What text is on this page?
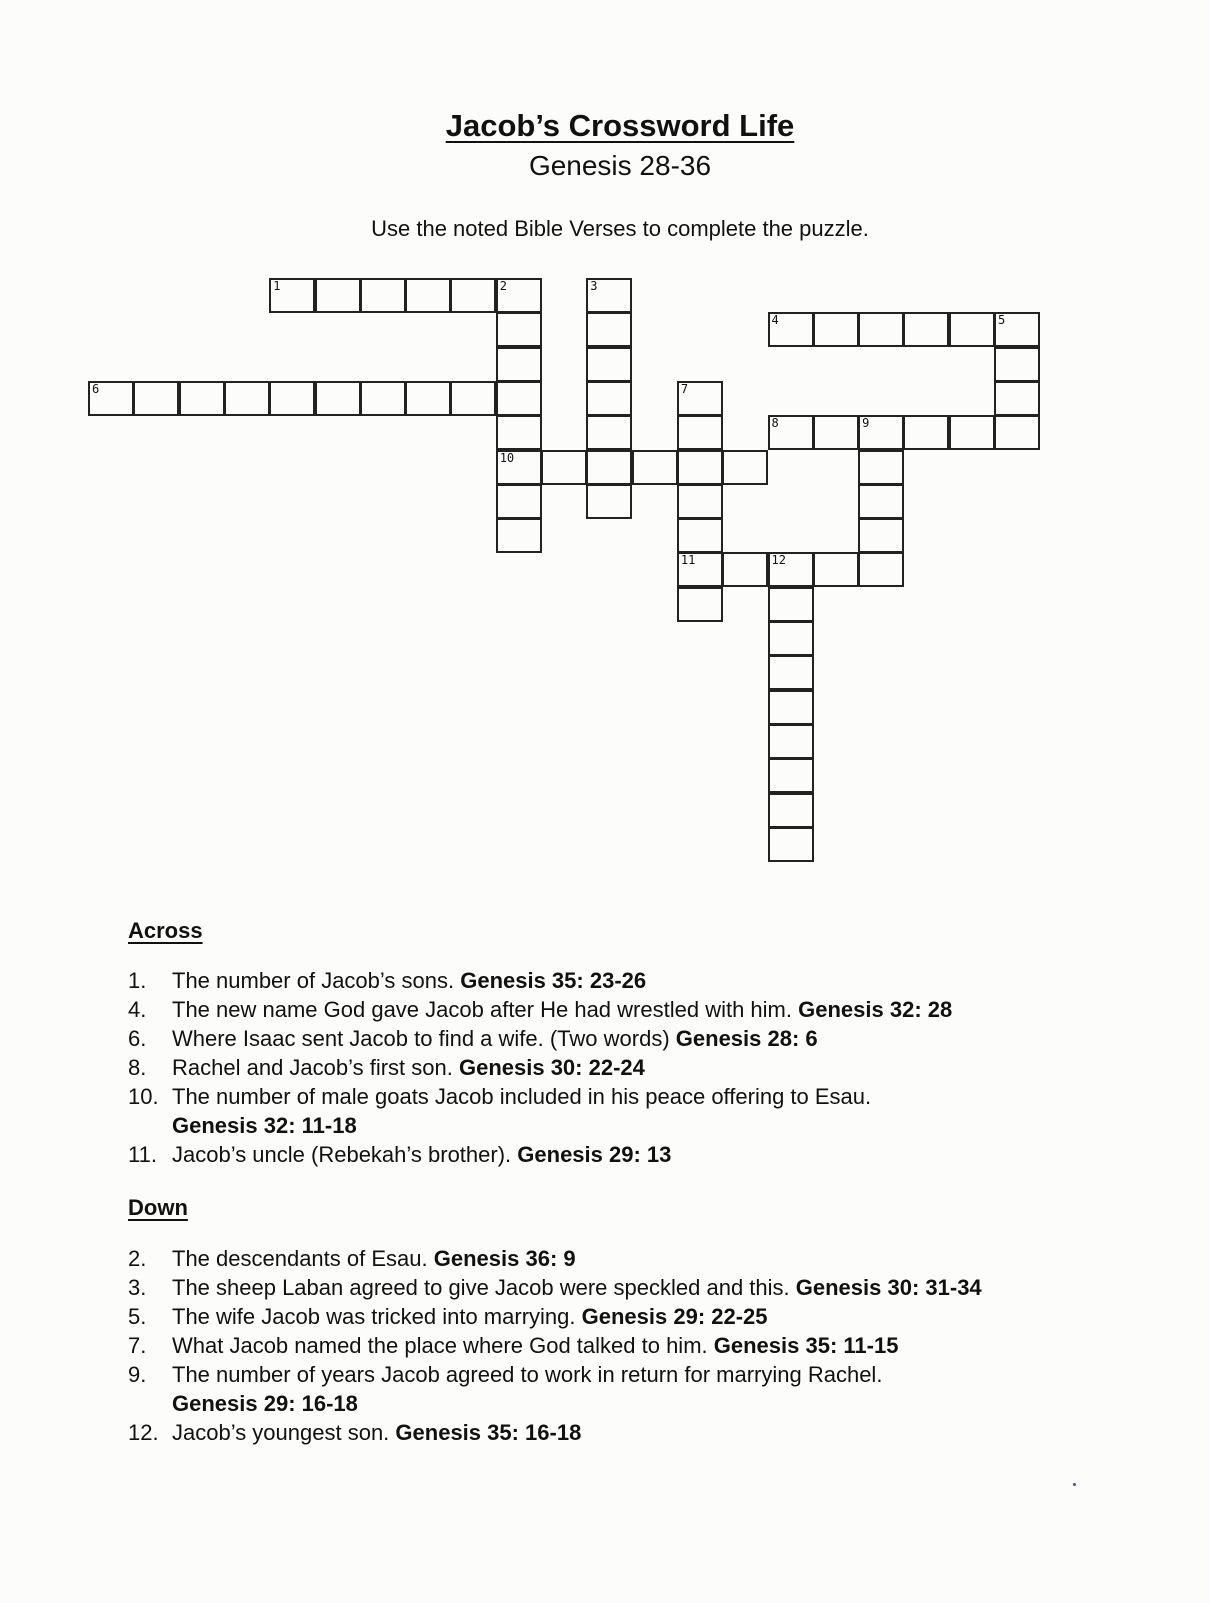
Jacob’s Crossword Life
Genesis 28-36
Use the noted Bible Verses to complete the puzzle.
1	2
10
3
4	5
6	7
11
8	9
12
Across
1. The number of Jacob’s sons. Genesis 35: 23-26
4. The new name God gave Jacob after He had wrestled with him. Genesis 32: 28
6. Where Isaac sent Jacob to find a wife. (Two words) Genesis 28: 6
8. Rachel and Jacob’s first son. Genesis 30: 22-24
10. The number of male goats Jacob included in his peace offering to Esau.
Genesis 32: 11-18
11. Jacob’s uncle (Rebekah’s brother). Genesis 29: 13
Down
2. The descendants of Esau. Genesis 36: 9
3. The sheep Laban agreed to give Jacob were speckled and this. Genesis 30: 31-34
5. The wife Jacob was tricked into marrying. Genesis 29: 22-25
7. What Jacob named the place where God talked to him. Genesis 35: 11-15
9. The number of years Jacob agreed to work in return for marrying Rachel.
Genesis 29: 16-18
12. Jacob’s youngest son. Genesis 35: 16-18
